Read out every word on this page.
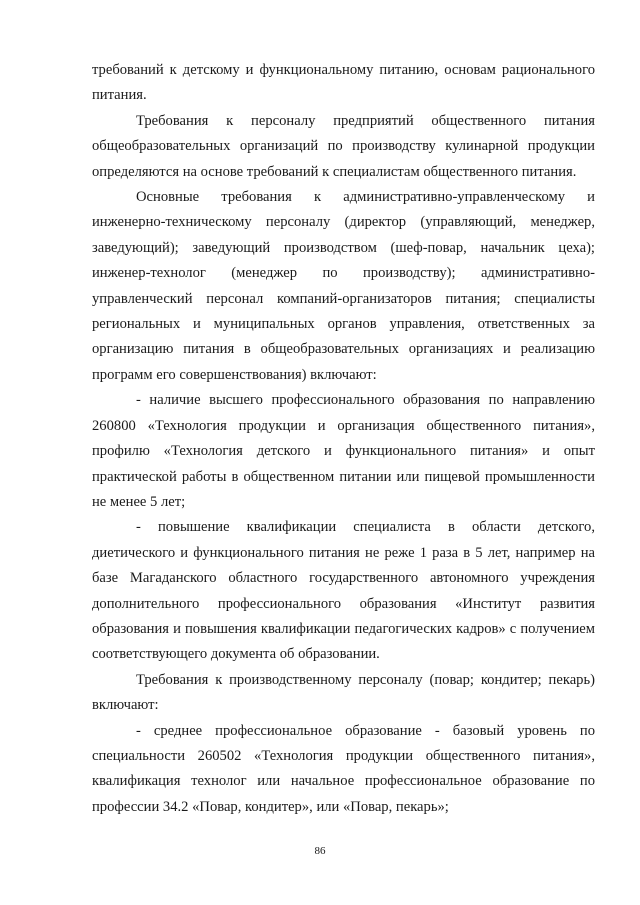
требований к детскому и функциональному питанию, основам рационального питания.

Требования к персоналу предприятий общественного питания общеобразовательных организаций по производству кулинарной продукции определяются на основе требований к специалистам общественного питания.

Основные требования к административно-управленческому и инженерно-техническому персоналу (директор (управляющий, менеджер, заведующий); заведующий производством (шеф-повар, начальник цеха); инженер-технолог (менеджер по производству); административно-управленческий персонал компаний-организаторов питания; специалисты региональных и муниципальных органов управления, ответственных за организацию питания в общеобразовательных организациях и реализацию программ его совершенствования) включают:

- наличие высшего профессионального образования по направлению 260800 «Технология продукции и организация общественного питания», профилю «Технология детского и функционального питания» и опыт практической работы в общественном питании или пищевой промышленности не менее 5 лет;

- повышение квалификации специалиста в области детского, диетического и функционального питания не реже 1 раза в 5 лет, например на базе Магаданского областного государственного автономного учреждения дополнительного профессионального образования «Институт развития образования и повышения квалификации педагогических кадров» с получением соответствующего документа об образовании.

Требования к производственному персоналу (повар; кондитер; пекарь) включают:

- среднее профессиональное образование - базовый уровень по специальности 260502 «Технология продукции общественного питания», квалификация технолог или начальное профессиональное образование по профессии 34.2 «Повар, кондитер», или «Повар, пекарь»;

86
